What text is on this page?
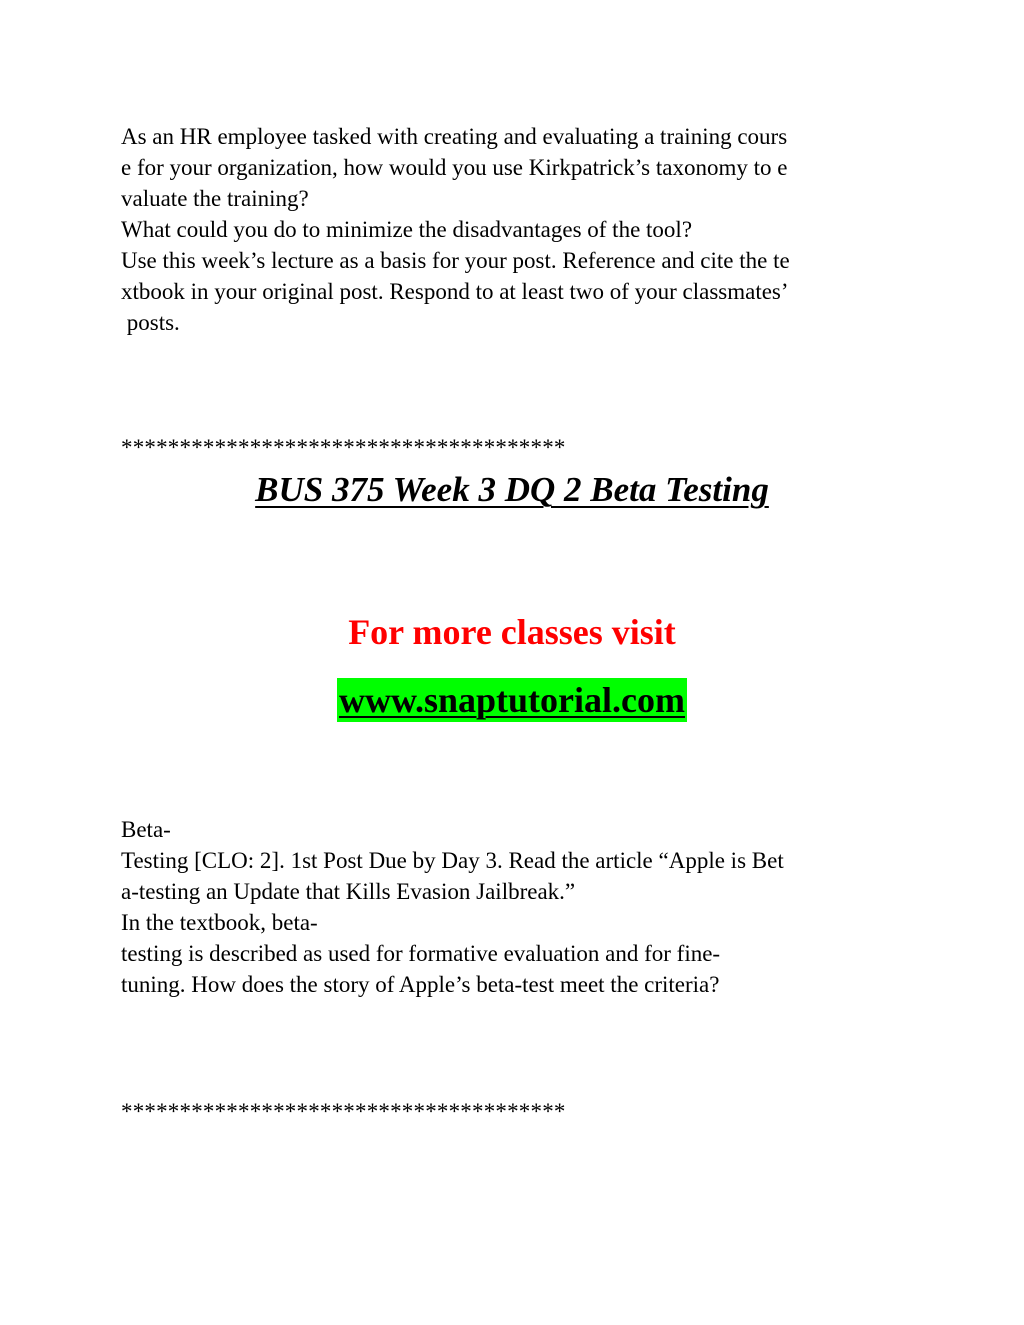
As an HR employee tasked with creating and evaluating a training cours
e for your organization, how would you use Kirkpatrick’s taxonomy to e
valuate the training?
What could you do to minimize the disadvantages of the tool?
Use this week’s lecture as a basis for your post. Reference and cite the te
xtbook in your original post. Respond to at least two of your classmates’
posts.
**************************************
BUS 375 Week 3 DQ 2 Beta Testing
For more classes visit
www.snaptutorial.com
Beta-
Testing [CLO: 2]. 1st Post Due by Day 3. Read the article “Apple is Bet
a-testing an Update that Kills Evasion Jailbreak.”
In the textbook, beta-
testing is described as used for formative evaluation and for fine-
tuning. How does the story of Apple’s beta-test meet the criteria?
**************************************
